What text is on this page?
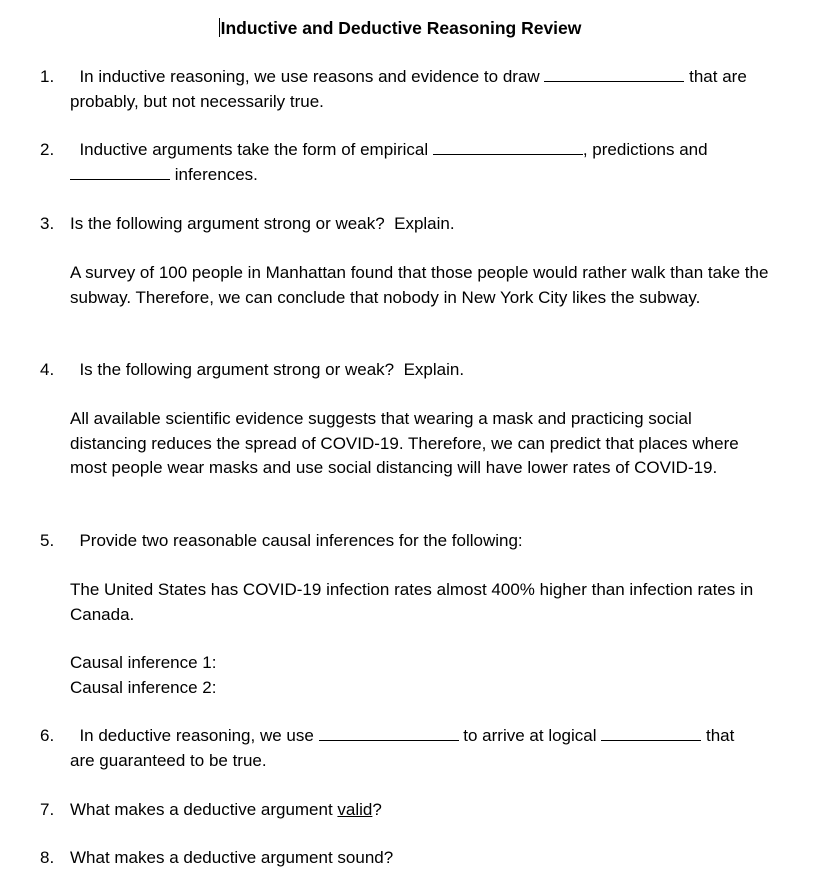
Inductive and Deductive Reasoning Review
1. In inductive reasoning, we use reasons and evidence to draw	that are
probably, but not necessarily true.
2. Inductive arguments take the form of empirical	, predictions and
inferences.
3. Is the following argument strong or weak?  Explain.
A survey of 100 people in Manhattan found that those people would rather walk than take the subway. Therefore, we can conclude that nobody in New York City likes the subway.
4. Is the following argument strong or weak?  Explain.
All available scientific evidence suggests that wearing a mask and practicing social distancing reduces the spread of COVID-19. Therefore, we can predict that places where most people wear masks and use social distancing will have lower rates of COVID-19.
5. Provide two reasonable causal inferences for the following:
The United States has COVID-19 infection rates almost 400% higher than infection rates in Canada.
Causal inference 1:
Causal inference 2:
6. In deductive reasoning, we use	to arrive at logical	that
are guaranteed to be true.
7. What makes a deductive argument valid?
8. What makes a deductive argument sound?
